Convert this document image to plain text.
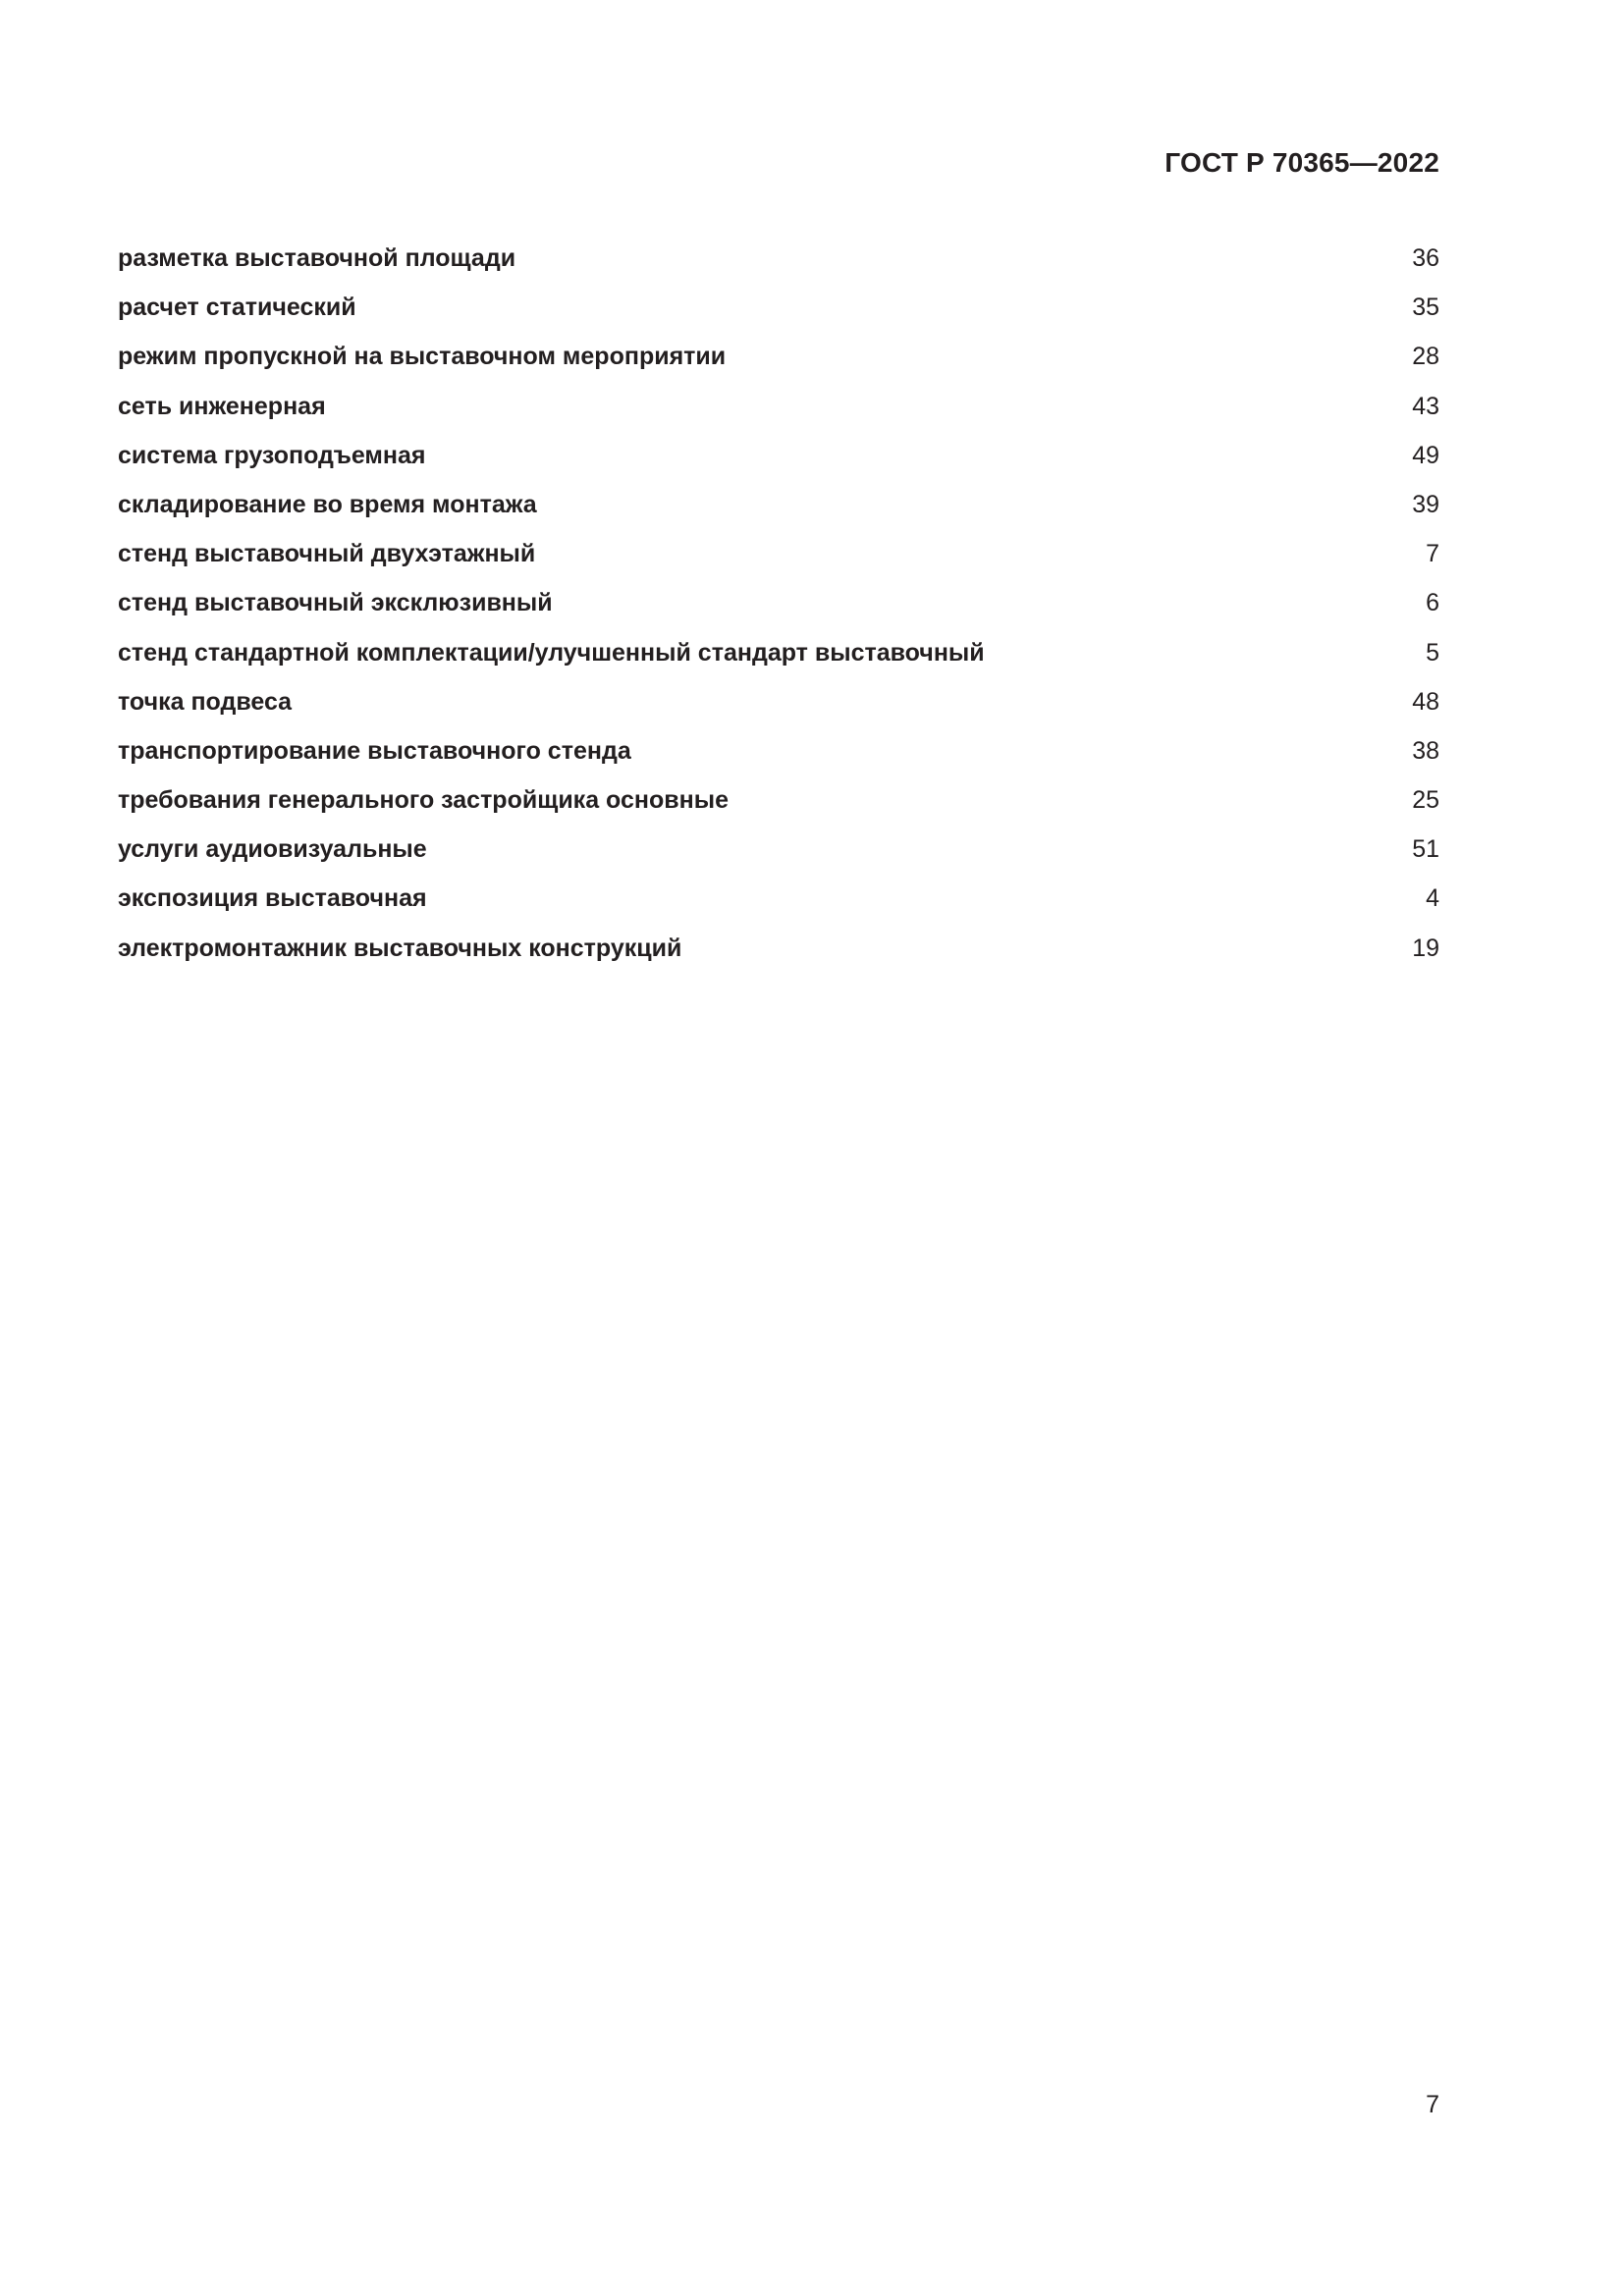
ГОСТ Р 70365—2022
разметка выставочной площади	36
расчет статический	35
режим пропускной на выставочном мероприятии	28
сеть инженерная	43
система грузоподъемная	49
складирование во время монтажа	39
стенд выставочный двухэтажный	7
стенд выставочный эксклюзивный	6
стенд стандартной комплектации/улучшенный стандарт выставочный	5
точка подвеса	48
транспортирование выставочного стенда	38
требования генерального застройщика основные	25
услуги аудиовизуальные	51
экспозиция выставочная	4
электромонтажник выставочных конструкций	19
7
